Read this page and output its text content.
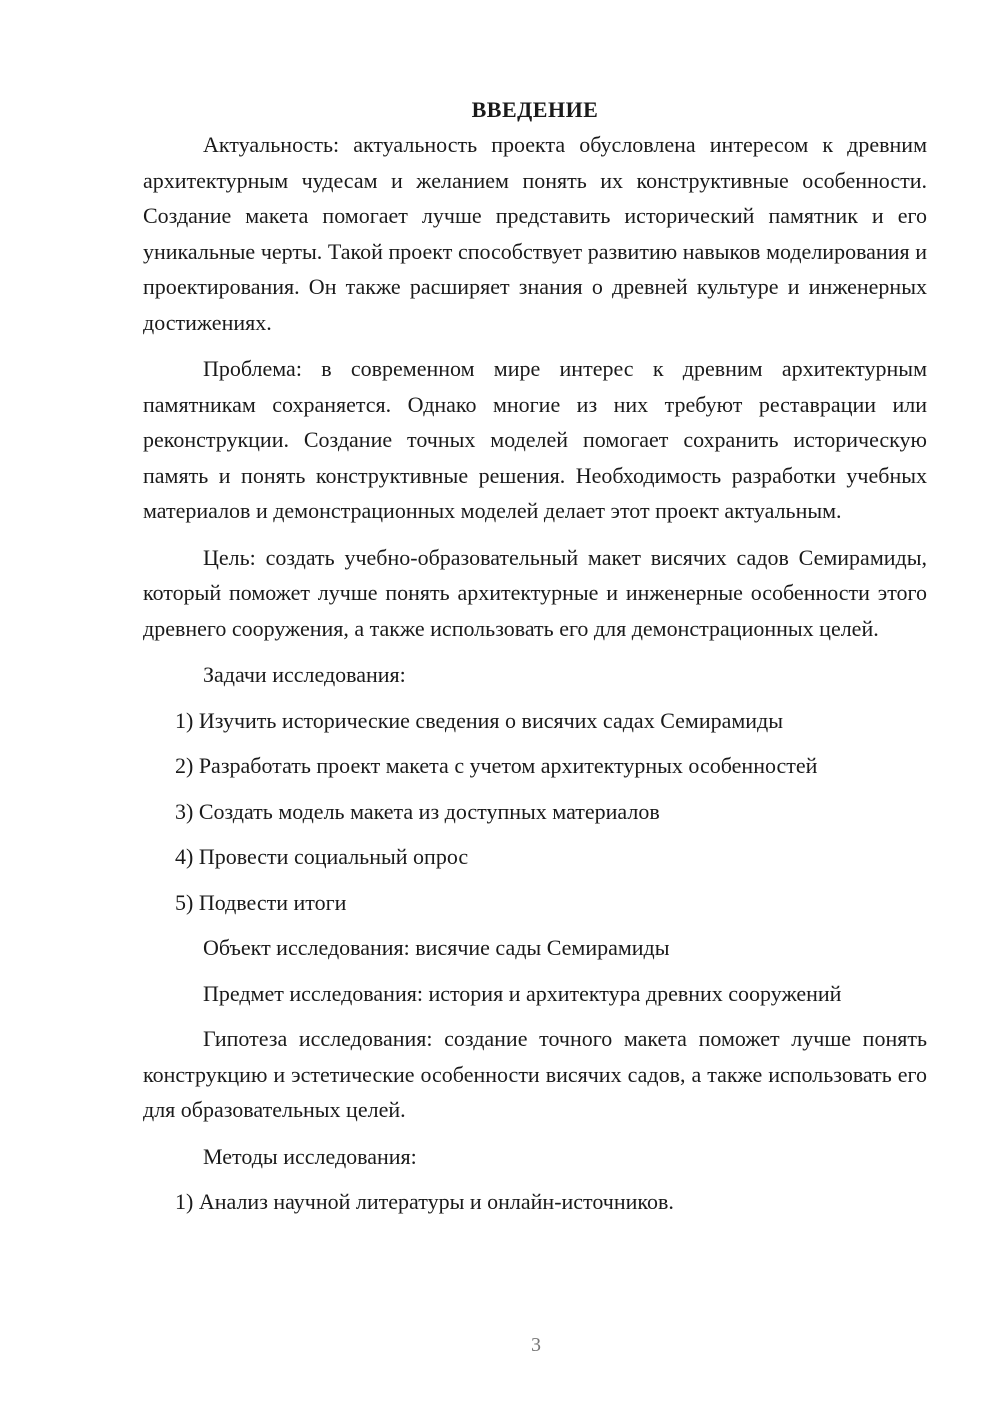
ВВЕДЕНИЕ

Актуальность: актуальность проекта обусловлена интересом к древним архитектурным чудесам и желанием понять их конструктивные особенности. Создание макета помогает лучше представить исторический памятник и его уникальные черты. Такой проект способствует развитию навыков моделирования и проектирования. Он также расширяет знания о древней культуре и инженерных достижениях.

Проблема: в современном мире интерес к древним архитектурным памятникам сохраняется. Однако многие из них требуют реставрации или реконструкции. Создание точных моделей помогает сохранить историческую память и понять конструктивные решения. Необходимость разработки учебных материалов и демонстрационных моделей делает этот проект актуальным.

Цель: создать учебно-образовательный макет висячих садов Семирамиды, который поможет лучше понять архитектурные и инженерные особенности этого древнего сооружения, а также использовать его для демонстрационных целей.

Задачи исследования:
1) Изучить исторические сведения о висячих садах Семирамиды
2) Разработать проект макета с учетом архитектурных особенностей
3) Создать модель макета из доступных материалов
4) Провести социальный опрос
5) Подвести итоги
Объект исследования: висячие сады Семирамиды
Предмет исследования: история и архитектура древних сооружений

Гипотеза исследования: создание точного макета поможет лучше понять конструкцию и эстетические особенности висячих садов, а также использовать его для образовательных целей.

Методы исследования:
1) Анализ научной литературы и онлайн-источников.
3
